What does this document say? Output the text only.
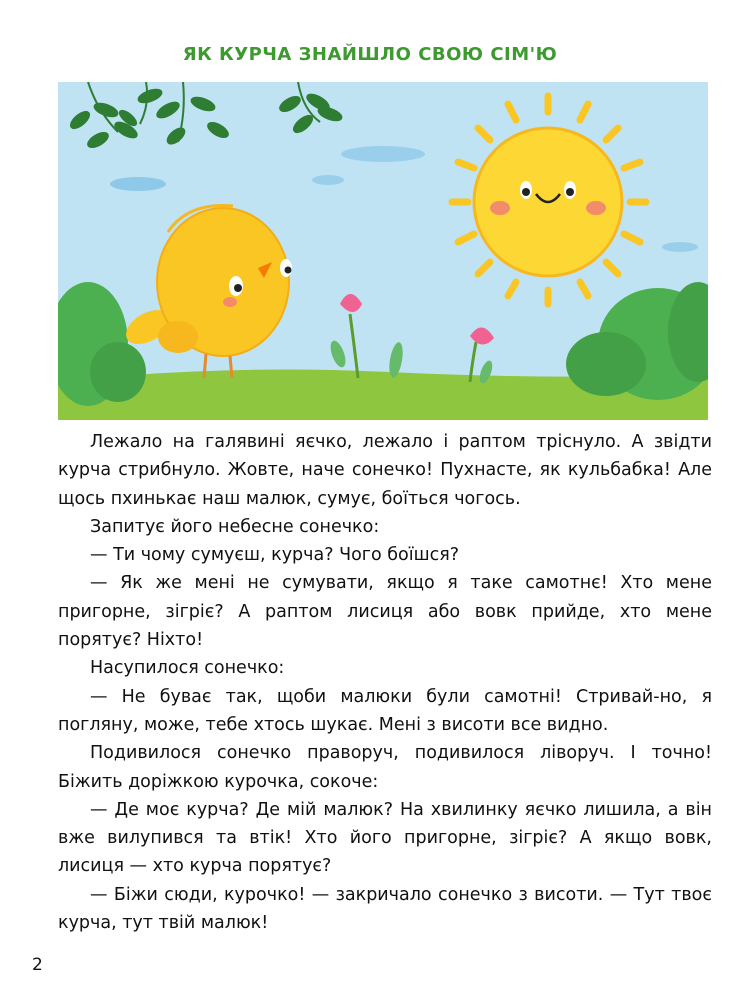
ЯК КУРЧА ЗНАЙШЛО СВОЮ СІМ'Ю

Лежало на галявині яєчко, лежало і раптом тріснуло. А звідти курча стрибнуло. Жовте, наче сонечко! Пухнасте, як кульбабка! Але щось пхинькає наш малюк, сумує, боїться чогось.

Запитує його небесне сонечко:

— Ти чому сумуєш, курча? Чого боїшся?

— Як же мені не сумувати, якщо я таке самотнє! Хто мене пригорне, зігріє? А раптом лисиця або вовк прийде, хто мене порятує? Ніхто!

Насупилося сонечко:

— Не буває так, щоби малюки були самотні! Стривай-но, я погляну, може, тебе хтось шукає. Мені з висоти все видно.

Подивилося сонечко праворуч, подивилося ліворуч. І точно! Біжить доріжкою курочка, сокоче:

— Де моє курча? Де мій малюк? На хвилинку яєчко лишила, а він вже вилупився та втік! Хто його пригорне, зігріє? А якщо вовк, лисиця — хто курча порятує?

— Біжи сюди, курочко! — закричало сонечко з висоти. — Тут твоє курча, тут твій малюк!

2
